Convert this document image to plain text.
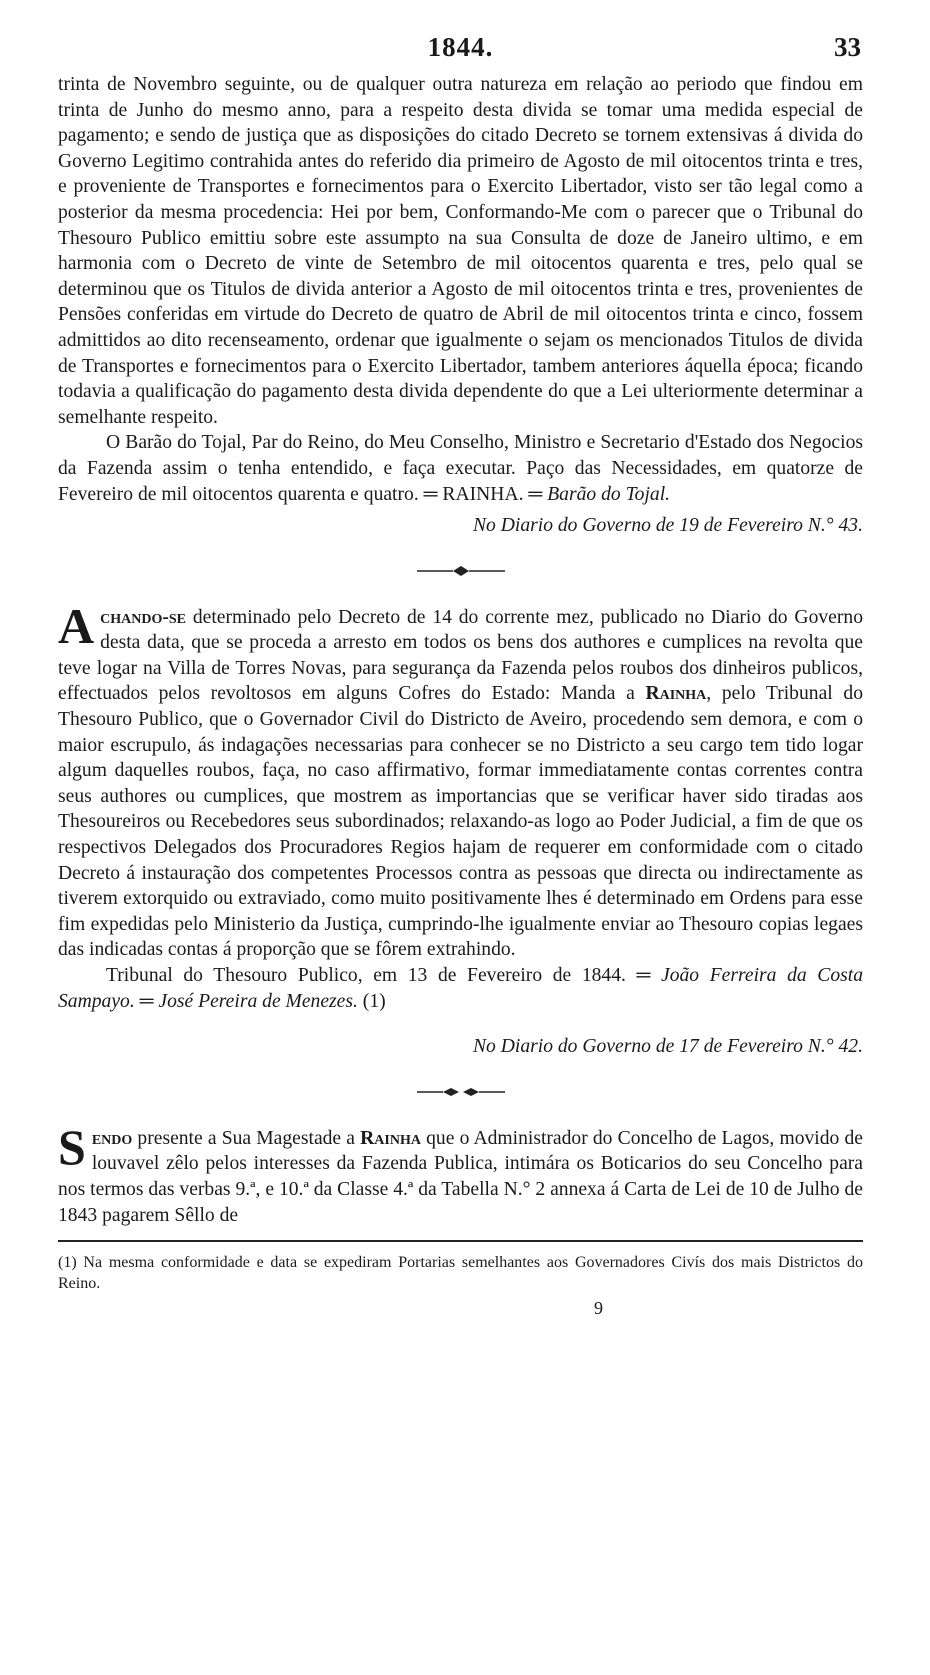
1844.	33

trinta de Novembro seguinte, ou de qualquer outra natureza em relação ao periodo que findou em trinta de Junho do mesmo anno, para a respeito desta divida se tomar uma medida especial de pagamento; e sendo de justiça que as disposições do citado Decreto se tornem extensivas á divida do Governo Legitimo contrahida antes do referido dia primeiro de Agosto de mil oitocentos trinta e tres, e proveniente de Transportes e fornecimentos para o Exercito Libertador, visto ser tão legal como a posterior da mesma procedencia: Hei por bem, Conformando-Me com o parecer que o Tribunal do Thesouro Publico emittiu sobre este assumpto na sua Consulta de doze de Janeiro ultimo, e em harmonia com o Decreto de vinte de Setembro de mil oitocentos quarenta e tres, pelo qual se determinou que os Titulos de divida anterior a Agosto de mil oitocentos trinta e tres, provenientes de Pensões conferidas em virtude do Decreto de quatro de Abril de mil oitocentos trinta e cinco, fossem admittidos ao dito recenseamento, ordenar que igualmente o sejam os mencionados Titulos de divida de Transportes e fornecimentos para o Exercito Libertador, tambem anteriores áquella época; ficando todavia a qualificação do pagamento desta divida dependente do que a Lei ulteriormente determinar a semelhante respeito.

O Barão do Tojal, Par do Reino, do Meu Conselho, Ministro e Secretario d'Estado dos Negocios da Fazenda assim o tenha entendido, e faça executar. Paço das Necessidades, em quatorze de Fevereiro de mil oitocentos quarenta e quatro. ═ RAINHA. ═ Barão do Tojal.

No Diario do Governo de 19 de Fevereiro N.° 43.

Achando-se determinado pelo Decreto de 14 do corrente mez, publicado no Diario do Governo desta data, que se proceda a arresto em todos os bens dos authores e cumplices na revolta que teve logar na Villa de Torres Novas, para segurança da Fazenda pelos roubos dos dinheiros publicos, effectuados pelos revoltosos em alguns Cofres do Estado: Manda a Rainha, pelo Tribunal do Thesouro Publico, que o Governador Civil do Districto de Aveiro, procedendo sem demora, e com o maior escrupulo, ás indagações necessarias para conhecer se no Districto a seu cargo tem tido logar algum daquelles roubos, faça, no caso affirmativo, formar immediatamente contas correntes contra seus authores ou cumplices, que mostrem as importancias que se verificar haver sido tiradas aos Thesoureiros ou Recebedores seus subordinados; relaxando-as logo ao Poder Judicial, a fim de que os respectivos Delegados dos Procuradores Regios hajam de requerer em conformidade com o citado Decreto á instauração dos competentes Processos contra as pessoas que directa ou indirectamente as tiverem extorquido ou extraviado, como muito positivamente lhes é determinado em Ordens para esse fim expedidas pelo Ministerio da Justiça, cumprindo-lhe igualmente enviar ao Thesouro copias legaes das indicadas contas á proporção que se fôrem extrahindo.

Tribunal do Thesouro Publico, em 13 de Fevereiro de 1844. ═ João Ferreira da Costa Sampayo. ═ José Pereira de Menezes. (1)

No Diario do Governo de 17 de Fevereiro N.° 42.

Sendo presente a Sua Magestade a Rainha que o Administrador do Concelho de Lagos, movido de louvavel zêlo pelos interesses da Fazenda Publica, intimára os Boticarios do seu Concelho para nos termos das verbas 9.ª, e 10.ª da Classe 4.ª da Tabella N.° 2 annexa á Carta de Lei de 10 de Julho de 1843 pagarem Sêllo de

(1) Na mesma conformidade e data se expediram Portarias semelhantes aos Governadores Civís dos mais Districtos do Reino.
9
